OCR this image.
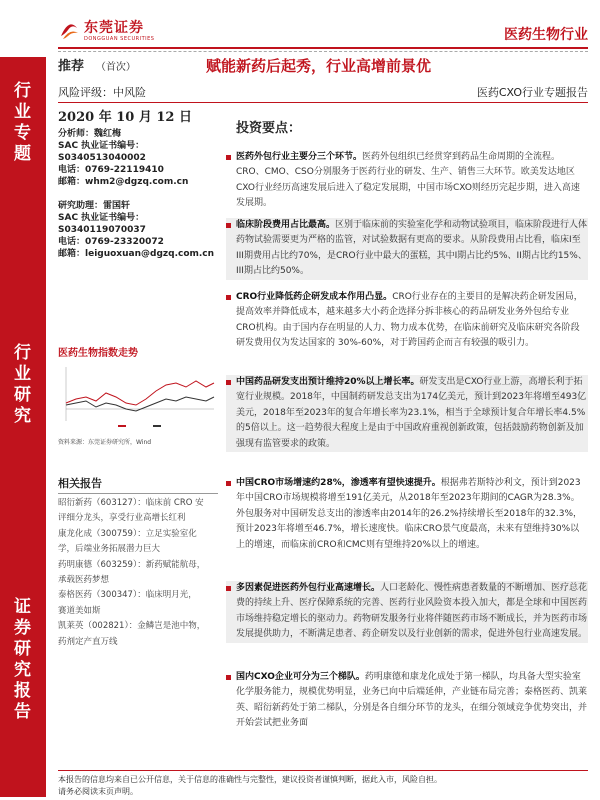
东莞证券
DONGGUAN SECURITIES	医药生物行业
行业专题
行业研究
证券研究报告
推荐 （首次）
风险评级：中风险
赋能新药后起秀，行业高增前景优
医药CXO行业专题报告
2020 年 10 月 12 日

分析师：魏红梅

SAC 执业证书编号：

S0340513040002

电话：0769-22119410

邮箱：whm2@dgzq.com.cn

研究助理：雷国轩

SAC 执业证书编号：

S0340119070037

电话：0769-23320072

邮箱：leiguoxuan@dgzq.com.cn

医药生物指数走势
资料来源：东莞证券研究所，Wind
相关报告
昭衍新药（603127）：临床前 CRO 安
评细分龙头，享受行业高增长红利
康龙化成（300759）：立足实验室化
学，后端业务拓展潜力巨大
药明康德（603259）：新药赋能航母，
承载医药梦想
泰格医药（300347）：临床明月光，
赛道美如斯
凯莱英（002821）：金鳞岂是池中物，
药剂定产直万线
投资要点：
医药外包行业主要分三个环节。医药外包组织已经贯穿到药品生命周期的全流程。CRO、CMO、CSO分别服务于医药行业的研发、生产、销售三大环节。欧美发达地区CXO行业经历高速发展后进入了稳定发展期，中国市场CXO则经历完起步期，进入高速发展期。
临床阶段费用占比最高。区别于临床前的实验室化学和动物试验项目，临床阶段进行人体药物试验需要更为严格的监管，对试验数据有更高的要求。从阶段费用占比看，临床I至III期费用占比约70%，是CRO行业中最大的蛋糕，其中I期占比约5%、II期占比约15%、III期占比约50%。
CRO行业降低药企研发成本作用凸显。CRO行业存在的主要目的是解决药企研发困局，提高效率并降低成本，越来越多大小药企选择分拆非核心的药品研发业务外包给专业CRO机构。由于国内存在明显的人力、物力成本优势，在临床前研究及临床研究各阶段研发费用仅为发达国家的 30%-60%，对于跨国药企而言有较强的吸引力。
中国药品研发支出预计维持20%以上增长率。研发支出是CXO行业上游，高增长利于拓宽行业规模。2018年，中国制药研发总支出为174亿美元，预计到2023年将增至493亿美元，2018年至2023年的复合年增长率为23.1%，相当于全球预计复合年增长率4.5%的5倍以上。这一趋势很大程度上是由于中国政府重视创新政策，包括鼓励药物创新及加强现有监管要求的政策。
中国CRO市场增速约28%，渗透率有望快速提升。根据弗若斯特沙利文，预计到2023年中国CRO市场规模将增至191亿美元，从2018年至2023年期间的CAGR为28.3%。外包服务对中国研发总支出的渗透率由2014年的26.2%持续增长至2018年的32.3%，预计2023年将增至46.7%，增长速度快。临床CRO景气度最高，未来有望维持30%以上的增速，而临床前CRO和CMC则有望维持20%以上的增速。
多因素促进医药外包行业高速增长。人口老龄化、慢性病患者数量的不断增加、医疗总花费的持续上升、医疗保障系统的完善、医药行业风险资本投入加大，都是全球和中国医药市场维持稳定增长的驱动力。药物研发服务行业将伴随医药市场不断成长，并为医药市场发展提供助力，不断满足患者、药企研发以及行业创新的需求，促进外包行业高速发展。
国内CXO企业可分为三个梯队。药明康德和康龙化成处于第一梯队，均具备大型实验室化学服务能力，规模优势明显，业务已向中后端延伸，产业链布局完善；泰格医药、凯莱英、昭衍新药处于第二梯队，分别是各自细分环节的龙头，在细分领域竞争优势突出，并开始尝试把业务面
本报告的信息均来自已公开信息，关于信息的准确性与完整性，建议投资者谨慎判断，据此入市，风险自担。
请务必阅读末页声明。
